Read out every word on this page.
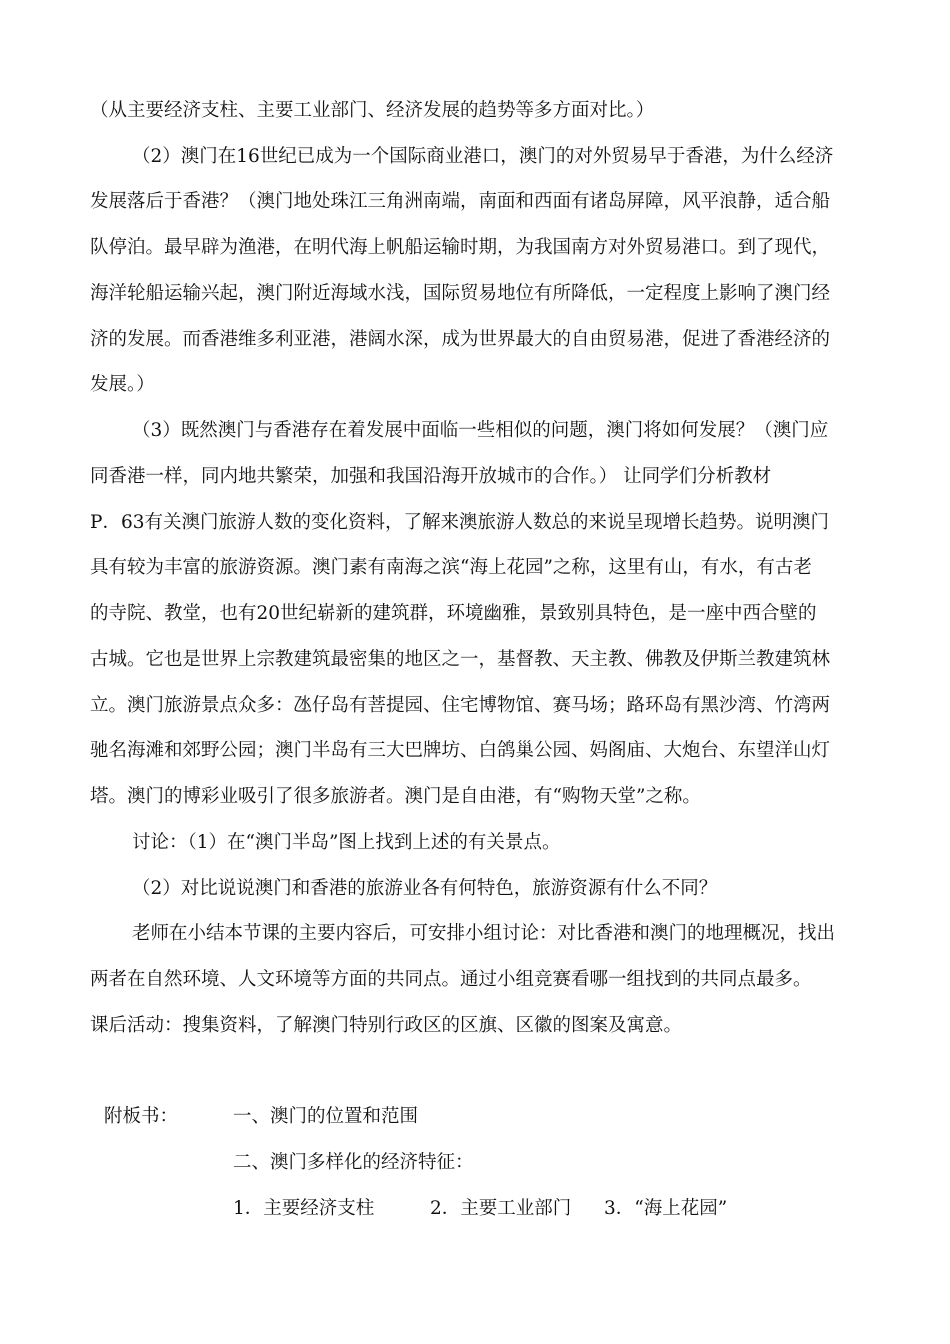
（从主要经济支柱、主要工业部门、经济发展的趋势等多方面对比。）
（2）澳门在16世纪已成为一个国际商业港口，澳门的对外贸易早于香港，为什么经济
发展落后于香港？（澳门地处珠江三角洲南端，南面和西面有诸岛屏障，风平浪静，适合船
队停泊。最早辟为渔港，在明代海上帆船运输时期，为我国南方对外贸易港口。到了现代，
海洋轮船运输兴起，澳门附近海域水浅，国际贸易地位有所降低，一定程度上影响了澳门经
济的发展。而香港维多利亚港，港阔水深，成为世界最大的自由贸易港，促进了香港经济的
发展。）
（3）既然澳门与香港存在着发展中面临一些相似的问题，澳门将如何发展？（澳门应
同香港一样，同内地共繁荣，加强和我国沿海开放城市的合作。） 让同学们分析教材
P．63有关澳门旅游人数的变化资料，了解来澳旅游人数总的来说呈现增长趋势。说明澳门
具有较为丰富的旅游资源。澳门素有南海之滨“海上花园”之称，这里有山，有水，有古老
的寺院、教堂，也有20世纪崭新的建筑群，环境幽雅，景致别具特色，是一座中西合壁的
古城。它也是世界上宗教建筑最密集的地区之一，基督教、天主教、佛教及伊斯兰教建筑林
立。澳门旅游景点众多：氹仔岛有菩提园、住宅博物馆、赛马场；路环岛有黑沙湾、竹湾两
驰名海滩和郊野公园；澳门半岛有三大巴牌坊、白鸽巢公园、妈阁庙、大炮台、东望洋山灯
塔。澳门的博彩业吸引了很多旅游者。澳门是自由港，有“购物天堂”之称。
讨论：（1）在“澳门半岛”图上找到上述的有关景点。
（2）对比说说澳门和香港的旅游业各有何特色，旅游资源有什么不同？
老师在小结本节课的主要内容后，可安排小组讨论：对比香港和澳门的地理概况，找出
两者在自然环境、人文环境等方面的共同点。通过小组竞赛看哪一组找到的共同点最多。
课后活动：搜集资料，了解澳门特别行政区的区旗、区徽的图案及寓意。
附板书：	一、澳门的位置和范围
二、澳门多样化的经济特征：
1．主要经济支柱	2．主要工业部门 3．“海上花园”
